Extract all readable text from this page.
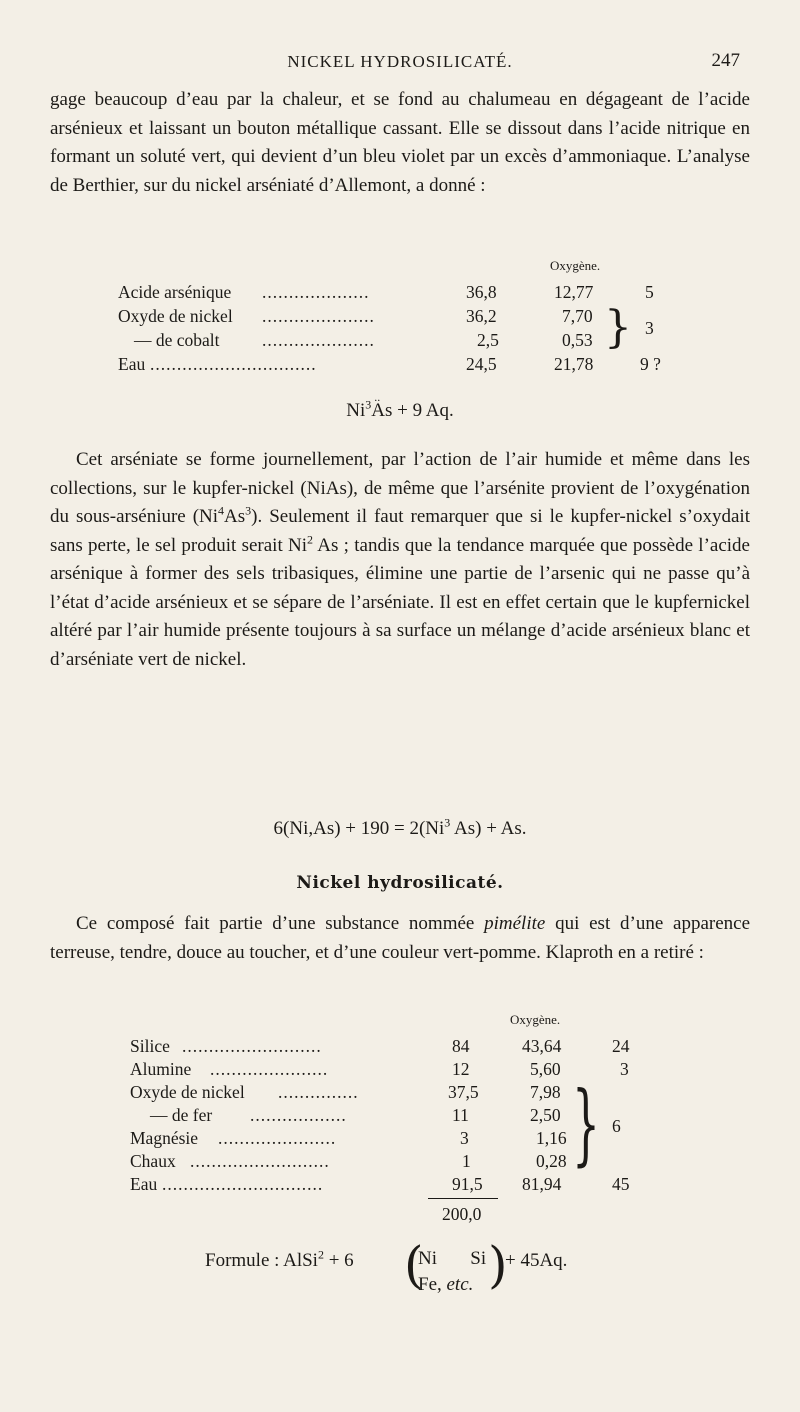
NICKEL HYDROSILICATÉ.	247
gage beaucoup d’eau par la chaleur, et se fond au chalumeau en dégageant de l’acide arsénieux et laissant un bouton métallique cassant. Elle se dissout dans l’acide nitrique en formant un soluté vert, qui devient d’un bleu violet par un excès d’ammoniaque. L’analyse de Berthier, sur du nickel arséniaté d’Allemont, a donné :
Oxygène.
Acide arsénique ....................	36,8	12,77	5
Oxyde de nickel .....................	36,2	7,70
— de cobalt .....................	2,5	0,53 } 3
Eau ...............................	24,5	21,78	9 ?
Ni$^3$
..
As + 9 Aq.
Cet arséniate se forme journellement, par l’action de l’air humide et même dans les collections, sur le kupfer-nickel (NiAs), de même que l’arsénite provient de l’oxygénation du sous-arséniure (Ni$^4$As$^3$). Seulement il faut remarquer que si le kupfer-nickel s’oxydait sans perte, le sel produit serait Ni$^2$ As ; tandis que la tendance marquée que possède l’acide arsénique à former des sels tribasiques, élimine une partie de l’arsenic qui ne passe qu’à l’état d’acide arsénieux et se sépare de l’arséniate. Il est en effet certain que le kupfernickel altéré par l’air humide présente toujours à sa surface un mélange d’acide arsénieux blanc et d’arséniate vert de nickel.
$6(Ni,As) + 190 = 2(Ni^3$ As) + As.
Nickel hydrosilicaté.
Ce composé fait partie d’une substance nommée pimélite qui est d’une apparence terreuse, tendre, douce au toucher, et d’une couleur vert-pomme. Klaproth en a retiré :
Oxygène.
Silice ..........................	84	43,64	24
Alumine ......................	12	5,60	3
Oxyde de nickel ...............	37,5	7,98
— de fer ..................	11	2,50
Magnésie ......................	3	1,16
Chaux ..........................	1	0,28 } 6
Eau ..............................	91,5 81,94	45
200,0
Formule : AlSi$^2$ + 6 (
Ni       Si
Fe, etc. )
+ 45Aq.
